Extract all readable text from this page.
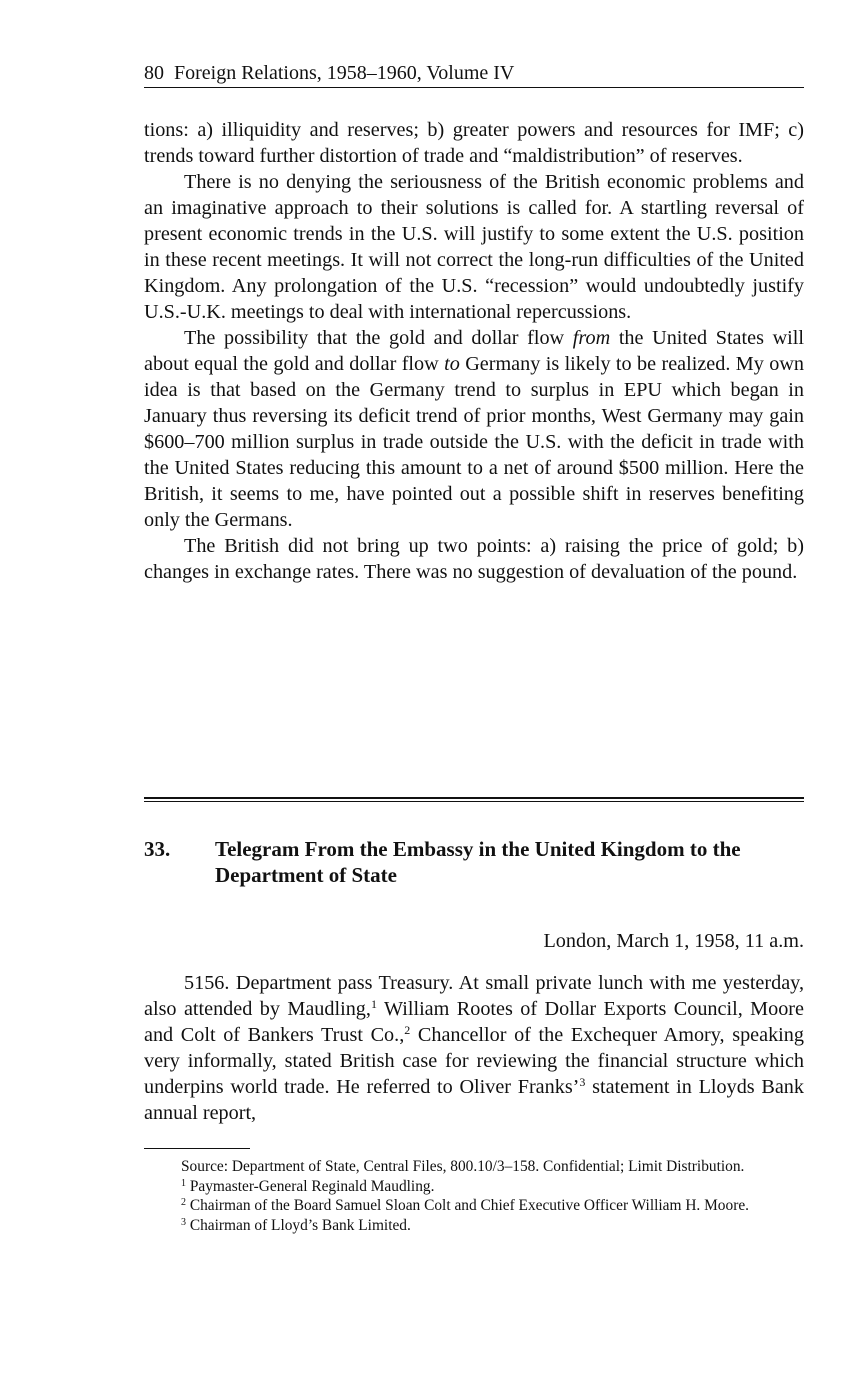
80 Foreign Relations, 1958–1960, Volume IV

tions: a) illiquidity and reserves; b) greater powers and resources for IMF; c) trends toward further distortion of trade and “maldistribution” of reserves.

There is no denying the seriousness of the British economic problems and an imaginative approach to their solutions is called for. A startling reversal of present economic trends in the U.S. will justify to some extent the U.S. position in these recent meetings. It will not correct the long-run difficulties of the United Kingdom. Any prolongation of the U.S. “recession” would undoubtedly justify U.S.-U.K. meetings to deal with international repercussions.

The possibility that the gold and dollar flow from the United States will about equal the gold and dollar flow to Germany is likely to be realized. My own idea is that based on the Germany trend to surplus in EPU which began in January thus reversing its deficit trend of prior months, West Germany may gain $600–700 million surplus in trade outside the U.S. with the deficit in trade with the United States reducing this amount to a net of around $500 million. Here the British, it seems to me, have pointed out a possible shift in reserves benefiting only the Germans.

The British did not bring up two points: a) raising the price of gold; b) changes in exchange rates. There was no suggestion of devaluation of the pound.

33. Telegram From the Embassy in the United Kingdom to the Department of State
London, March 1, 1958, 11 a.m.

5156. Department pass Treasury. At small private lunch with me yesterday, also attended by Maudling,$^1$ William Rootes of Dollar Exports Council, Moore and Colt of Bankers Trust Co.,$^2$ Chancellor of the Exchequer Amory, speaking very informally, stated British case for reviewing the financial structure which underpins world trade. He referred to Oliver Franks’$^3$ statement in Lloyds Bank annual report,

Source: Department of State, Central Files, 800.10/3–158. Confidential; Limit Distribution.

$^1$ Paymaster-General Reginald Maudling.

$^2$ Chairman of the Board Samuel Sloan Colt and Chief Executive Officer William H. Moore.

$^3$ Chairman of Lloyd’s Bank Limited.
